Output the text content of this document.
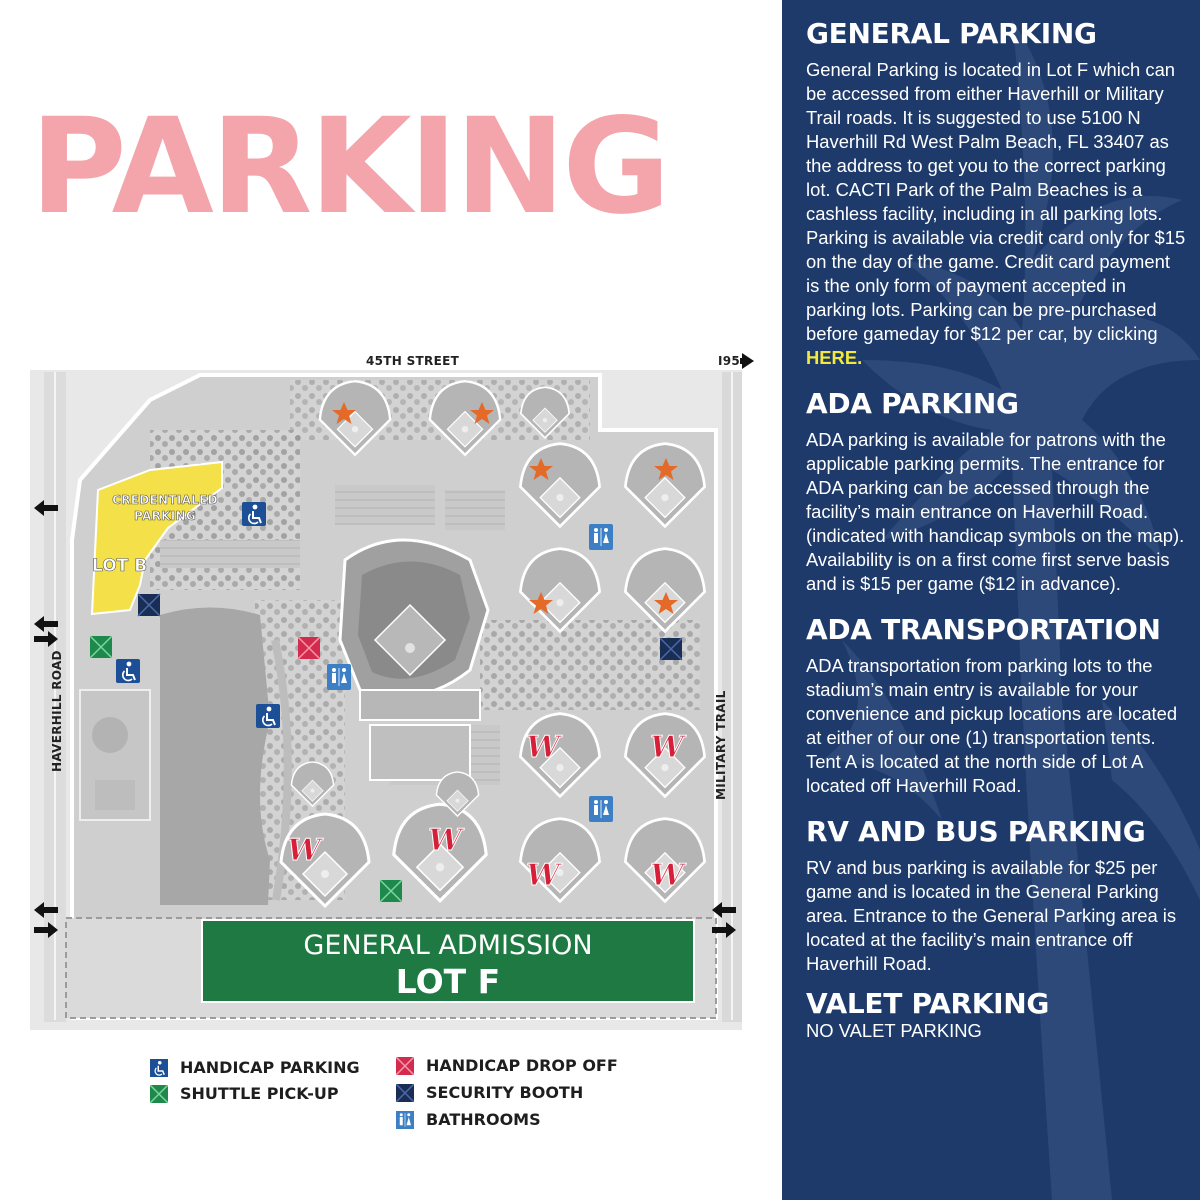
PARKING
W	W
W	W
W	W
45TH STREET	I95
HAVERHILL ROAD	MILITARY TRAIL
CREDENTIALED PARKING
LOT B
GENERAL ADMISSION
LOT F
HANDICAP PARKING
SHUTTLE PICK-UP
HANDICAP DROP OFF
SECURITY BOOTH
BATHROOMS
GENERAL PARKING

General Parking is located in Lot F which can be accessed from either Haverhill or Military Trail roads. It is suggested to use 5100 N Haverhill Rd West Palm Beach, FL 33407 as the address to get you to the correct parking lot. CACTI Park of the Palm Beaches is a cashless facility, including in all parking lots. Parking is available via credit card only for $15 on the day of the game. Credit card payment is the only form of payment accepted in parking lots. Parking can be pre-purchased before gameday for $12 per car, by clicking HERE.

ADA PARKING

ADA parking is available for patrons with the applicable parking permits. The entrance for ADA parking can be accessed through the facility’s main entrance on Haverhill Road. (indicated with handicap symbols on the map). Availability is on a first come first serve basis and is $15 per game ($12 in advance).

ADA TRANSPORTATION

ADA transportation from parking lots to the stadium’s main entry is available for your convenience and pickup locations are located at either of our one (1) transportation tents. Tent A is located at the north side of Lot A located off Haverhill Road.

RV AND BUS PARKING

RV and bus parking is available for $25 per game and is located in the General Parking area. Entrance to the General Parking area is located at the facility’s main entrance off Haverhill Road.

VALET PARKING

NO VALET PARKING
